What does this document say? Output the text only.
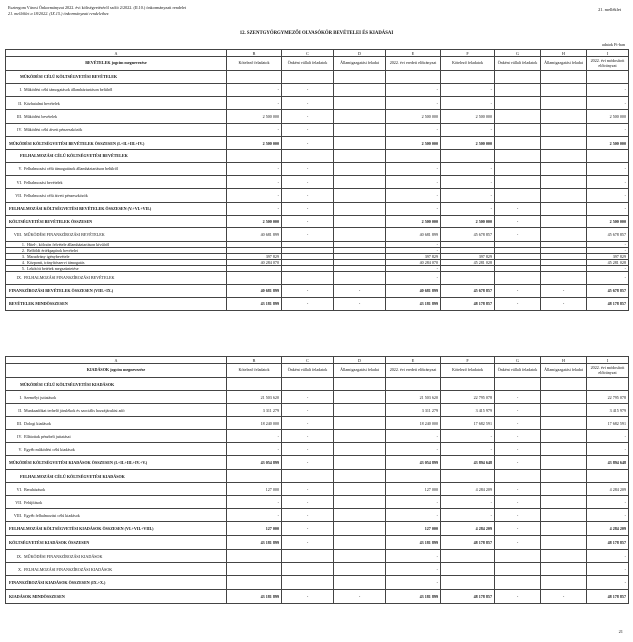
Esztergom Városi Önkormányzat 2022. évi költségvetéséről szóló 2/2022. (II.10.) önkormányzati rendelet
21. melléklet a 18/2022. (IX.15.) önkormányzati rendelethez
21. melléklet
12. SZENTGYÖRGYMEZŐI OLVASÓKÖR BEVÉTELEI ÉS KIADÁSAI
adatok Ft-ban
A	B	C	D	E	F	G	H	I
BEVÉTELEK jogcím megnevezése	Kötelező feladatok	Önként vállalt feladatok	Államigazgatási feladat	2022. évi eredeti előirányzat	Kötelező feladatok	Önként vállalt feladatok	Államigazgatási feladat	2022. évi módosított előirányzat
MŰKÖDÉSI CÉLÚ KÖLTSÉGVETÉSI BEVÉTELEK								
I. Működési célú támogatások államháztartáson belülről	-	-		-	-			-
II. Közhatalmi bevételek	-	-		-	-			-
III. Működési bevételek	2 500 000	-		2 500 000	2 500 000			2 500 000
IV. Működési célú átvett pénzeszközök	-	-		-	-			-
MŰKÖDÉSI KÖLTSÉGVETÉSI BEVÉTELEK ÖSSZESEN (I.+II.+III.+IV.)	2 500 000	-		2 500 000	2 500 000			2 500 000
FELHALMOZÁSI CÉLÚ KÖLTSÉGVETÉSI BEVÉTELEK								
V. Felhalmozási célú támogatások államháztartáson belülről	-	-		-	-			-
VI. Felhalmozási bevételek	-	-		-	-			-
VII. Felhalmozási célú átvett pénzeszközök	-	-		-	-			-
FELHALMOZÁSI KÖLTSÉGVETÉSI BEVÉTELEK ÖSSZESEN (V.+VI.+VII.)	-	-		-	-	-		-
KÖLTSÉGVETÉSI BEVÉTELEK ÖSSZESEN	2 500 000	-		2 500 000	2 500 000	-		2 500 000
VIII. MŰKÖDÉSI FINANSZÍROZÁSI BEVÉTELEK	40 681 899	-		40 681 899	45 678 857	-		45 678 857
1. Hitel-, kölcsön felvétele államháztartáson kívülről				-				-
2. Belföldi értékpapírok bevételei				-				-
3. Maradvány igénybevétele	397 829			397 829	397 829			397 829
4. Központi, irányítószervi támogatás	40 284 070			40 284 070	45 281 028			45 281 028
5. Lekötött betétek megszüntetése				-				-
IX. FELHALMOZÁSI FINANSZÍROZÁSI BEVÉTELEK				-				-
FINANSZÍROZÁSI BEVÉTELEK ÖSSZESEN (VIII.+IX.)	40 681 899	-	-	40 681 899	45 678 857	-	-	45 678 857
BEVÉTELEK MINDÖSSZESEN	43 181 899	-	-	43 181 899	48 178 857	-	-	48 178 857
A	B	C	D	E	F	G	H	I
KIADÁSOK jogcím megnevezése	Kötelező feladatok	Önként vállalt feladatok	Államigazgatási feladat	2022. évi eredeti előirányzat	Kötelező feladatok	Önként vállalt feladatok	Államigazgatási feladat	2022. évi módosított előirányzat
MŰKÖDÉSI CÉLÚ KÖLTSÉGVETÉSI KIADÁSOK								
I. Személyi juttatások	21 503 620	-		21 503 620	22 795 078	-		22 795 078
II. Munkaadókat terhelő járulékok és szociális hozzájárulási adó	3 311 279	-		3 311 279	3 415 979	-		3 415 979
III. Dologi kiadások	18 240 000	-		18 240 000	17 682 591	-		17 682 591
IV. Ellátottak pénzbeli juttatásai	-	-		-	-	-		-
V. Egyéb működési célú kiadások	-	-		-	-	-		-
MŰKÖDÉSI KÖLTSÉGVETÉSI KIADÁSOK ÖSSZESEN (I.+II.+III.+IV.+V.)	43 054 899	-		43 054 899	43 894 648	-		43 894 648
FELHALMOZÁSI CÉLÚ KÖLTSÉGVETÉSI KIADÁSOK								
VI. Beruházások	127 000	-		127 000	4 284 209	-		4 284 209
VII. Felújítások	-	-		-	-	-		-
VIII. Egyéb felhalmozási célú kiadások	-	-		-	-	-		-
FELHALMOZÁSI KÖLTSÉGVETÉSI KIADÁSOK ÖSSZESEN (VI.+VII.+VIII.)	127 000	-		127 000	4 284 209	-		4 284 209
KÖLTSÉGVETÉSI KIADÁSOK ÖSSZESEN	43 181 899	-		43 181 899	48 178 857	-		48 178 857
IX. MŰKÖDÉSI FINANSZÍROZÁSI KIADÁSOK				-				-
X. FELHALMOZÁSI FINANSZÍROZÁSI KIADÁSOK				-				-
FINANSZÍROZÁSI KIADÁSOK ÖSSZESEN (IX.+X.)				-				-
KIADÁSOK MINDÖSSZESEN	43 181 899	-	-	43 181 899	48 178 857	-	-	48 178 857
21
